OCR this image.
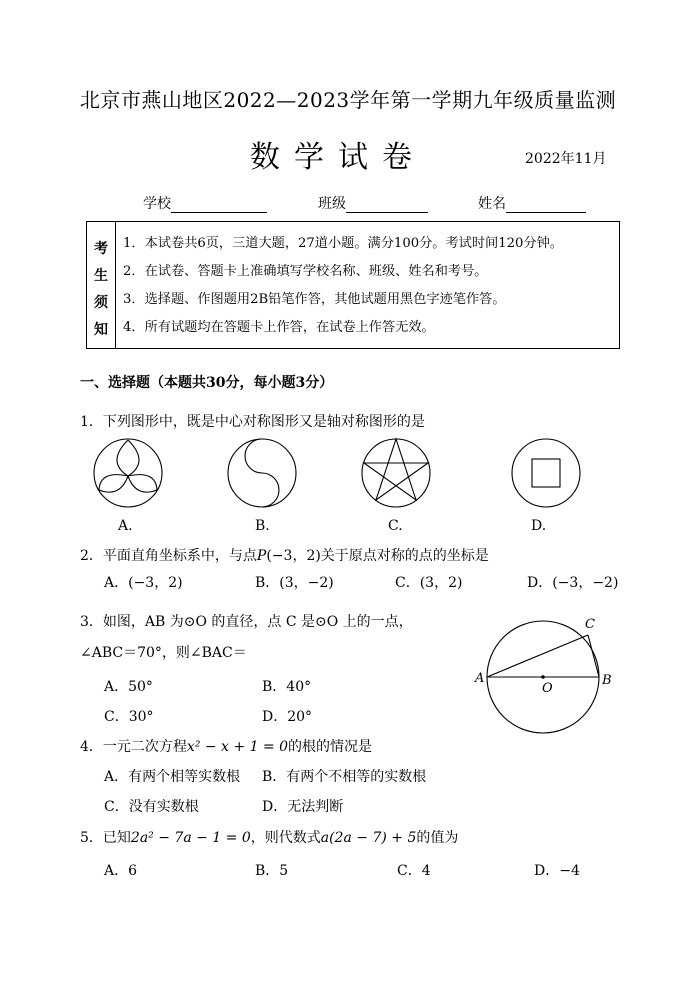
北京市燕山地区2022—2023学年第一学期九年级质量监测
数学试卷	2022年11月
学校	班级	姓名
考
生
须
知
1．本试卷共6页，三道大题，27道小题。满分100分。考试时间120分钟。
2．在试卷、答题卡上准确填写学校名称、班级、姓名和考号。
3．选择题、作图题用2B铅笔作答，其他试题用黑色字迹笔作答。
4．所有试题均在答题卡上作答，在试卷上作答无效。
一、选择题（本题共30分，每小题3分）
1．下列图形中，既是中心对称图形又是轴对称图形的是
A.	B.	C.	D.
2．平面直角坐标系中，与点P(−3，2)关于原点对称的点的坐标是
A．(−3，2)	B．(3，−2)	C．(3，2)	D．(−3，−2)
3．如图，AB 为⊙O 的直径，点 C 是⊙O 上的一点，
∠ABC＝70°，则∠BAC＝
A．50°	B．40°
C．30°	D．20°
A	B
C
O
4．一元二次方程x² − x + 1 = 0的根的情况是
A．有两个相等实数根 B．有两个不相等的实数根
C．没有实数根	D．无法判断
5．已知2a² − 7a − 1 = 0，则代数式a(2a − 7) + 5的值为
A．6	B．5	C．4	D．−4
